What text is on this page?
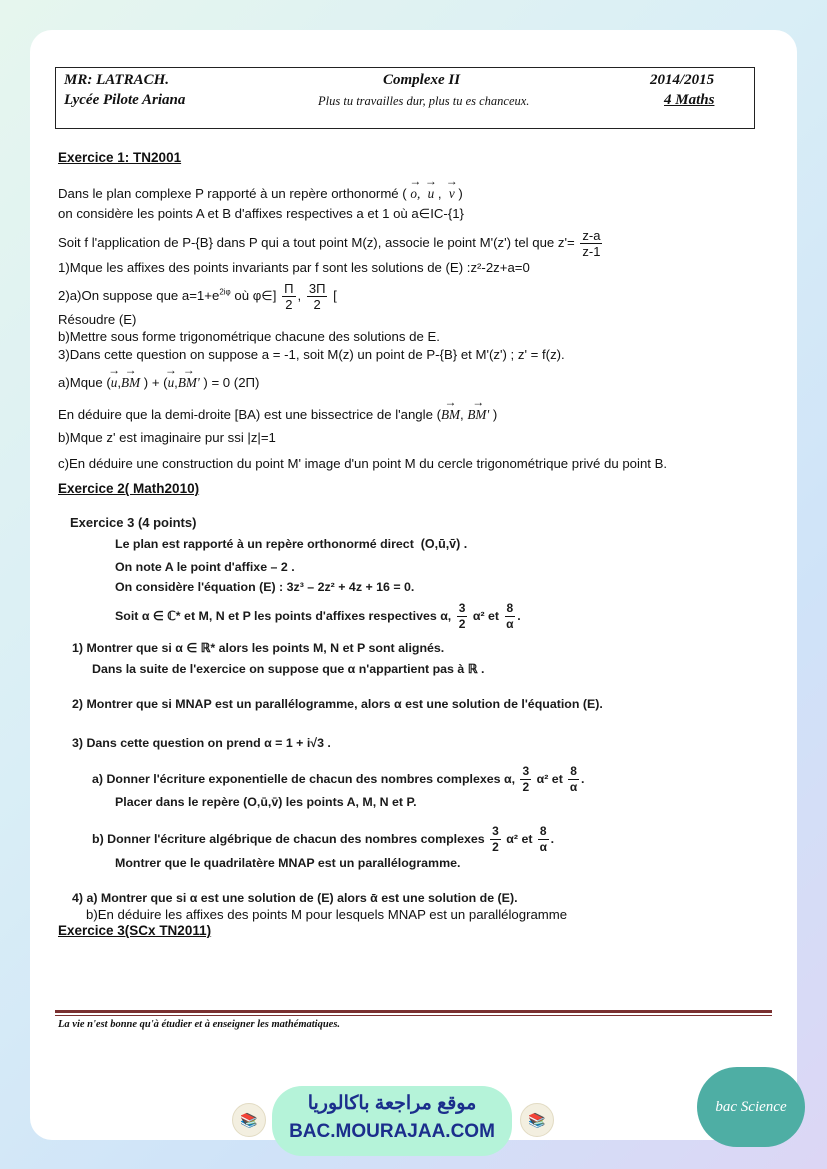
MR: LATRACH.
Lycée Pilote Ariana
Complexe II
Plus tu travailles dur, plus tu es chanceux.
2014/2015
4 Maths
Exercice 1: TN2001
Dans le plan complexe P rapporté à un repère orthonormé ( → o, → u ,  → v )
on considère les points A et B d'affixes respectives a et 1 où a∈IC-{1}
Soit f l'application de P-{B} dans P qui a tout point M(z), associe le point M'(z') tel que $z'= \frac{z-a}{z-1}$
1)Mque les affixes des points invariants par f sont les solutions de (E) :z²-2z+a=0
2)a)On suppose que $a=1+e^{2i\varphi}$ où φ∈] $\frac{\Pi}{2}$ , $\frac{3\Pi}{2}$ [
Résoudre (E)
b)Mettre sous forme trigonométrique chacune des solutions de E.
3)Dans cette question on suppose a = -1, soit M(z) un point de P-{B} et M'(z') ; z' = f(z).
a)Mque (→ u,→ BM ) + (→ u,→ BM' ) = 0 (2Π)
En déduire que la demi-droite [BA) est une bissectrice de l'angle (→ BM, → BM' )
b)Mque z' est imaginaire pur ssi |z|=1
c)En déduire une construction du point M' image d'un point M du cercle trigonométrique privé du point B.
Exercice 2( Math2010)
Exercice 3 (4 points)
Le plan est rapporté à un repère orthonormé direct (O,ū,v̄) .
On note A le point d'affixe – 2 .
On considère l'équation (E) : 3z³ – 2z² + 4z + 16 = 0.
Soit α ∈ ℂ* et M, N et P les points d'affixes respectives α, $\frac{3}{2} \alpha^2$ et $\frac{8}{\alpha}$ .
1) Montrer que si α ∈ ℝ* alors les points M, N et P sont alignés.
Dans la suite de l'exercice on suppose que α n'appartient pas à ℝ .
2) Montrer que si MNAP est un parallélogramme, alors α est une solution de l'équation (E).
3) Dans cette question on prend α = 1 + i√3 .
a) Donner l'écriture exponentielle de chacun des nombres complexes α, $\frac{3}{2} \alpha^2$ et $\frac{8}{\alpha}$ .
Placer dans le repère (O,ū,v̄) les points A, M, N et P.
b) Donner l'écriture algébrique de chacun des nombres complexes $\frac{3}{2} \alpha^2$ et $\frac{8}{\alpha}$ .
Montrer que le quadrilatère MNAP est un parallélogramme.
4) a) Montrer que si α est une solution de (E) alors ᾱ est une solution de (E).
b)En déduire les affixes des points M pour lesquels MNAP est un parallélogramme
Exercice 3(SCx TN2011)
La vie n'est bonne qu'à étudier et à enseigner les mathématiques.
📚	📚
موقع مراجعة باكالوريا
BAC.MOURAJAA.COM
bac Science
